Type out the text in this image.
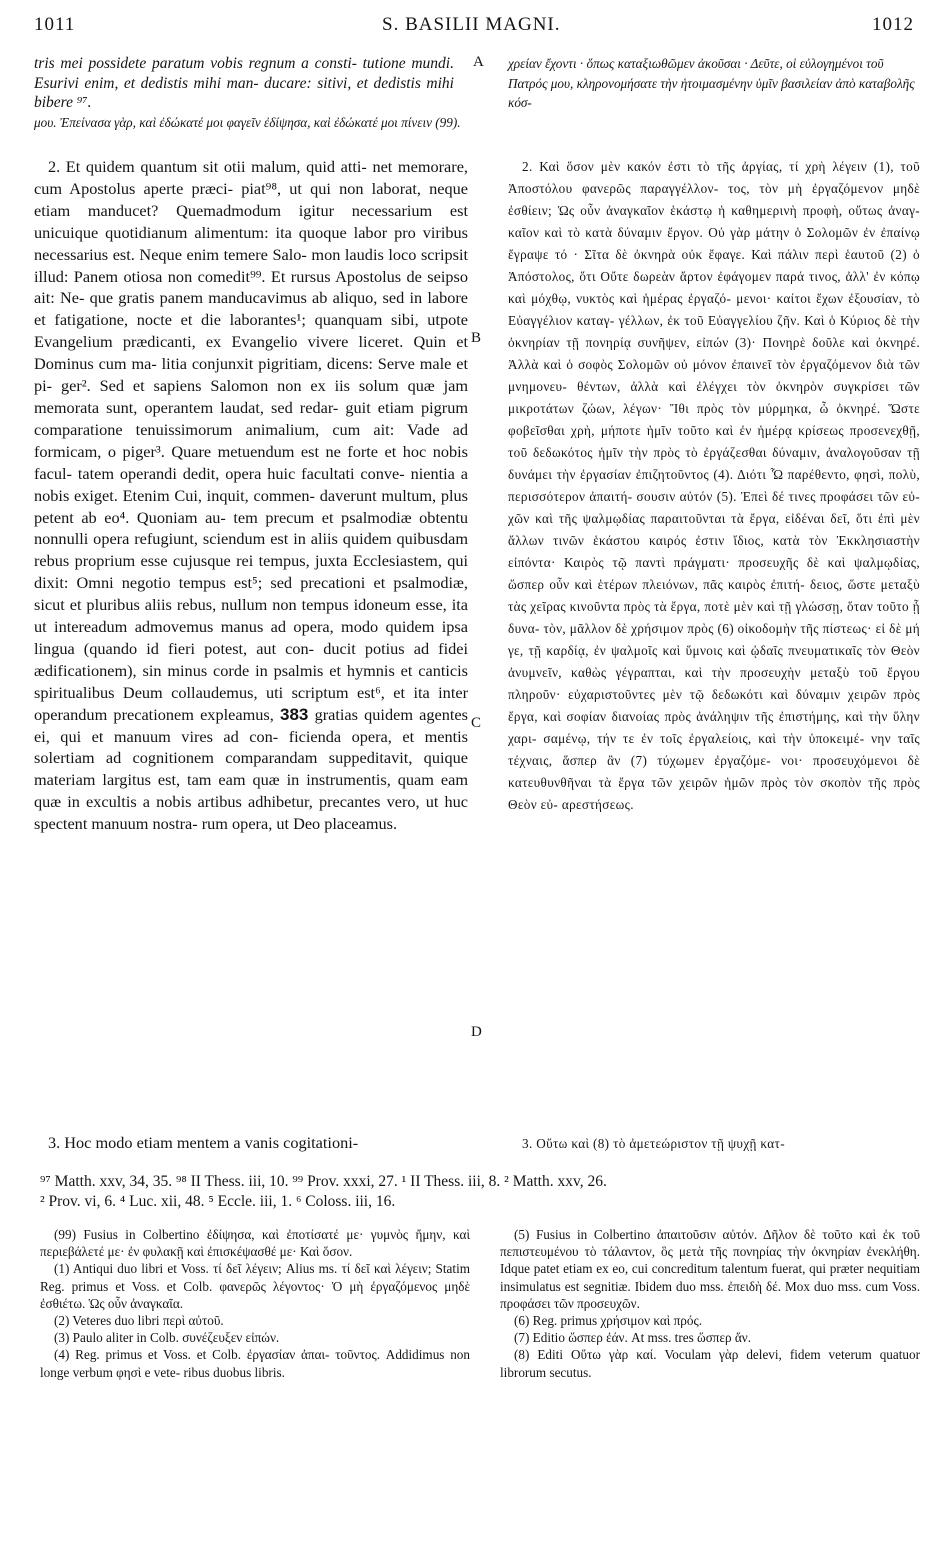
1011	S. BASILII MAGNI.	1012

tris mei possidete paratum vobis regnum a consti- tutione mundi. Esurivi enim, et dedistis mihi man- ducare: sitivi, et dedistis mihi bibere ⁹⁷.

A χρείαν ἔχοντι · ὅπως καταξιωθῶμεν ἀκοῦσαι · Δεῦτε, οἱ εὐλογημένοι τοῦ Πατρός μου, κληρονομήσατε τὴν ἡτοιμασμένην ὑμῖν βασιλείαν ἀπὸ καταβολῆς κόσ-

μου. Ἐπείνασα γὰρ, καὶ ἐδώκατέ μοι φαγεῖν ἐδίψησα, καὶ ἐδώκατέ μοι πίνειν (99).

2. Et quidem quantum sit otii malum, quid atti- net memorare, cum Apostolus aperte præci- piat⁹⁸, ut qui non laborat, neque etiam manducet? Quemadmodum igitur necessarium est unicuique quotidianum alimentum: ita quoque labor pro viribus necessarius est. Neque enim temere Salo- mon laudis loco scripsit illud: Panem otiosa non comedit⁹⁹. Et rursus Apostolus de seipso ait: Ne- que gratis panem manducavimus ab aliquo, sed in labore et fatigatione, nocte et die laborantes¹; quanquam sibi, utpote Evangelium prædicanti, ex Evangelio vivere liceret. Quin et Dominus cum ma- litia conjunxit pigritiam, dicens: Serve male et pi- ger². Sed et sapiens Salomon non ex iis solum quæ jam memorata sunt, operantem laudat, sed redar- guit etiam pigrum comparatione tenuissimorum animalium, cum ait: Vade ad formicam, o piger³. Quare metuendum est ne forte et hoc nobis facul- tatem operandi dedit, opera huic facultati conve- nientia a nobis exiget. Etenim Cui, inquit, commen- daverunt multum, plus petent ab eo⁴. Quoniam au- tem precum et psalmodiæ obtentu nonnulli opera refugiunt, sciendum est in aliis quidem quibusdam rebus proprium esse cujusque rei tempus, juxta Ecclesiastem, qui dixit: Omni negotio tempus est⁵; sed precationi et psalmodiæ, sicut et pluribus aliis rebus, nullum non tempus idoneum esse, ita ut intereadum admovemus manus ad opera, modo quidem ipsa lingua (quando id fieri potest, aut con- ducit potius ad fidei ædificationem), sin minus corde in psalmis et hymnis et canticis spiritualibus Deum collaudemus, uti scriptum est⁶, et ita inter operandum precationem expleamus, 383 gratias quidem agentes ei, qui et manuum vires ad con- ficienda opera, et mentis solertiam ad cognitionem comparandam suppeditavit, quique materiam largitus est, tam eam quæ in instrumentis, quam eam quæ in excultis a nobis artibus adhibetur, precantes vero, ut huc spectent manuum nostra- rum opera, ut Deo placeamus.

3. Hoc modo etiam mentem a vanis cogitationi-

B
C
D

2. Καὶ ὅσον μὲν κακόν ἐστι τὸ τῆς ἀργίας, τί χρὴ λέγειν (1), τοῦ Ἀποστόλου φανερῶς παραγγέλλον- τος, τὸν μὴ ἐργαζόμενον μηδὲ ἐσθίειν; Ὡς οὖν ἀναγκαῖον ἑκάστῳ ἡ καθημερινὴ προφὴ, οὕτως ἀναγ- καῖον καὶ τὸ κατὰ δύναμιν ἔργον. Οὐ γὰρ μάτην ὁ Σολομῶν ἐν ἐπαίνῳ ἔγραψε τό · Σῖτα δὲ ὀκνηρὰ οὐκ ἔφαγε. Καὶ πάλιν περὶ ἑαυτοῦ (2) ὁ Ἀπόστολος, ὅτι Οὔτε δωρεὰν ἄρτον ἐφάγομεν παρά τινος, ἀλλ' ἐν κόπῳ καὶ μόχθῳ, νυκτὸς καὶ ἡμέρας ἐργαζό- μενοι· καίτοι ἔχων ἐξουσίαν, τὸ Εὐαγγέλιον καταγ- γέλλων, ἐκ τοῦ Εὐαγγελίου ζῆν. Καὶ ὁ Κύριος δὲ τὴν ὀκνηρίαν τῇ πονηρίᾳ συνῆψεν, εἰπών (3)· Πονηρὲ δοῦλε καὶ ὀκνηρέ. Ἀλλὰ καὶ ὁ σοφὸς Σολομῶν οὐ μόνον ἐπαινεῖ τὸν ἐργαζόμενον διὰ τῶν μνημονευ- θέντων, ἀλλὰ καὶ ἐλέγχει τὸν ὀκνηρὸν συγκρίσει τῶν μικροτάτων ζώων, λέγων· Ἴθι πρὸς τὸν μύρμηκα, ὦ ὀκνηρέ. Ὥστε φοβεῖσθαι χρὴ, μήποτε ἡμῖν τοῦτο καὶ ἐν ἡμέρᾳ κρίσεως προσενεχθῇ, τοῦ δεδωκότος ἡμῖν τὴν πρὸς τὸ ἐργάζεσθαι δύναμιν, ἀναλογοῦσαν τῇ δυνάμει τὴν ἐργασίαν ἐπιζητοῦντος (4). Διότι Ὧ παρέθεντο, φησὶ, πολὺ, περισσότερον ἀπαιτή- σουσιν αὐτόν (5). Ἐπεὶ δέ τινες προφάσει τῶν εὐ- χῶν καὶ τῆς ψαλμῳδίας παραιτοῦνται τὰ ἔργα, εἰδέναι δεῖ, ὅτι ἐπὶ μὲν ἄλλων τινῶν ἑκάστου καιρός ἐστιν ἴδιος, κατὰ τὸν Ἐκκλησιαστὴν εἰπόντα· Καιρὸς τῷ παντὶ πράγματι· προσευχῆς δὲ καὶ ψαλμῳδίας, ὥσπερ οὖν καὶ ἑτέρων πλειόνων, πᾶς καιρὸς ἐπιτή- δειος, ὥστε μεταξὺ τὰς χεῖρας κινοῦντα πρὸς τὰ ἔργα, ποτὲ μὲν καὶ τῇ γλώσσῃ, ὅταν τοῦτο ᾖ δυνα- τὸν, μᾶλλον δὲ χρήσιμον πρὸς (6) οἰκοδομὴν τῆς πίστεως· εἰ δὲ μή γε, τῇ καρδίᾳ, ἐν ψαλμοῖς καὶ ὕμνοις καὶ ᾠδαῖς πνευματικαῖς τὸν Θεὸν ἀνυμνεῖν, καθὼς γέγραπται, καὶ τὴν προσευχὴν μεταξὺ τοῦ ἔργου πληροῦν· εὐχαριστοῦντες μὲν τῷ δεδωκότι καὶ δύναμιν χειρῶν πρὸς ἔργα, καὶ σοφίαν διανοίας πρὸς ἀνάληψιν τῆς ἐπιστήμης, καὶ τὴν ὕλην χαρι- σαμένῳ, τήν τε ἐν τοῖς ἐργαλείοις, καὶ τὴν ὑποκειμέ- νην ταῖς τέχναις, ἅσπερ ἂν (7) τύχωμεν ἐργαζόμε- νοι· προσευχόμενοι δὲ κατευθυνθῆναι τὰ ἔργα τῶν χειρῶν ἡμῶν πρὸς τὸν σκοπὸν τῆς πρὸς Θεὸν εὐ- αρεστήσεως.

3. Οὕτω καὶ (8) τὸ ἀμετεώριστον τῇ ψυχῇ κατ-

⁹⁷ Matth. xxv, 34, 35. ⁹⁸ II Thess. iii, 10. ⁹⁹ Prov. xxxi, 27. ¹ II Thess. iii, 8. ² Matth. xxv, 26.
² Prov. vi, 6. ⁴ Luc. xii, 48. ⁵ Eccle. iii, 1. ⁶ Coloss. iii, 16.

(99) Fusius in Colbertino ἐδίψησα, καὶ ἐποτίσατέ με· γυμνὸς ἤμην, καὶ περιεβάλετέ με· ἐν φυλακῇ καὶ ἐπισκέψασθέ με· Καὶ ὅσον.

(1) Antiqui duo libri et Voss. τί δεῖ λέγειν; Alius ms. τί δεῖ καὶ λέγειν; Statim Reg. primus et Voss. et Colb. φανερῶς λέγοντος· Ὁ μὴ ἐργαζόμενος μηδὲ ἐσθιέτω. Ὡς οὖν ἀναγκαῖα.

(2) Veteres duo libri περὶ αὐτοῦ.

(3) Paulo aliter in Colb. συνέζευξεν εἰπών.

(4) Reg. primus et Voss. et Colb. ἐργασίαν ἀπαι- τοῦντος. Addidimus non longe verbum φησὶ e vete- ribus duobus libris.

(5) Fusius in Colbertino ἀπαιτοῦσιν αὐτόν. Δῆλον δὲ τοῦτο καὶ ἐκ τοῦ πεπιστευμένου τὸ τάλαντον, ὃς μετὰ τῆς πονηρίας τὴν ὀκνηρίαν ἐνεκλήθη. Idque patet etiam ex eo, cui concreditum talentum fuerat, qui præter nequitiam insimulatus est segnitiæ. Ibidem duo mss. ἐπειδὴ δέ. Mox duo mss. cum Voss. προφάσει τῶν προσευχῶν.

(6) Reg. primus χρήσιμον καὶ πρός.

(7) Editio ὥσπερ ἐάν. At mss. tres ὥσπερ ἄν.

(8) Editi Οὕτω γὰρ καί. Voculam γὰρ delevi, fidem veterum quatuor librorum secutus.
